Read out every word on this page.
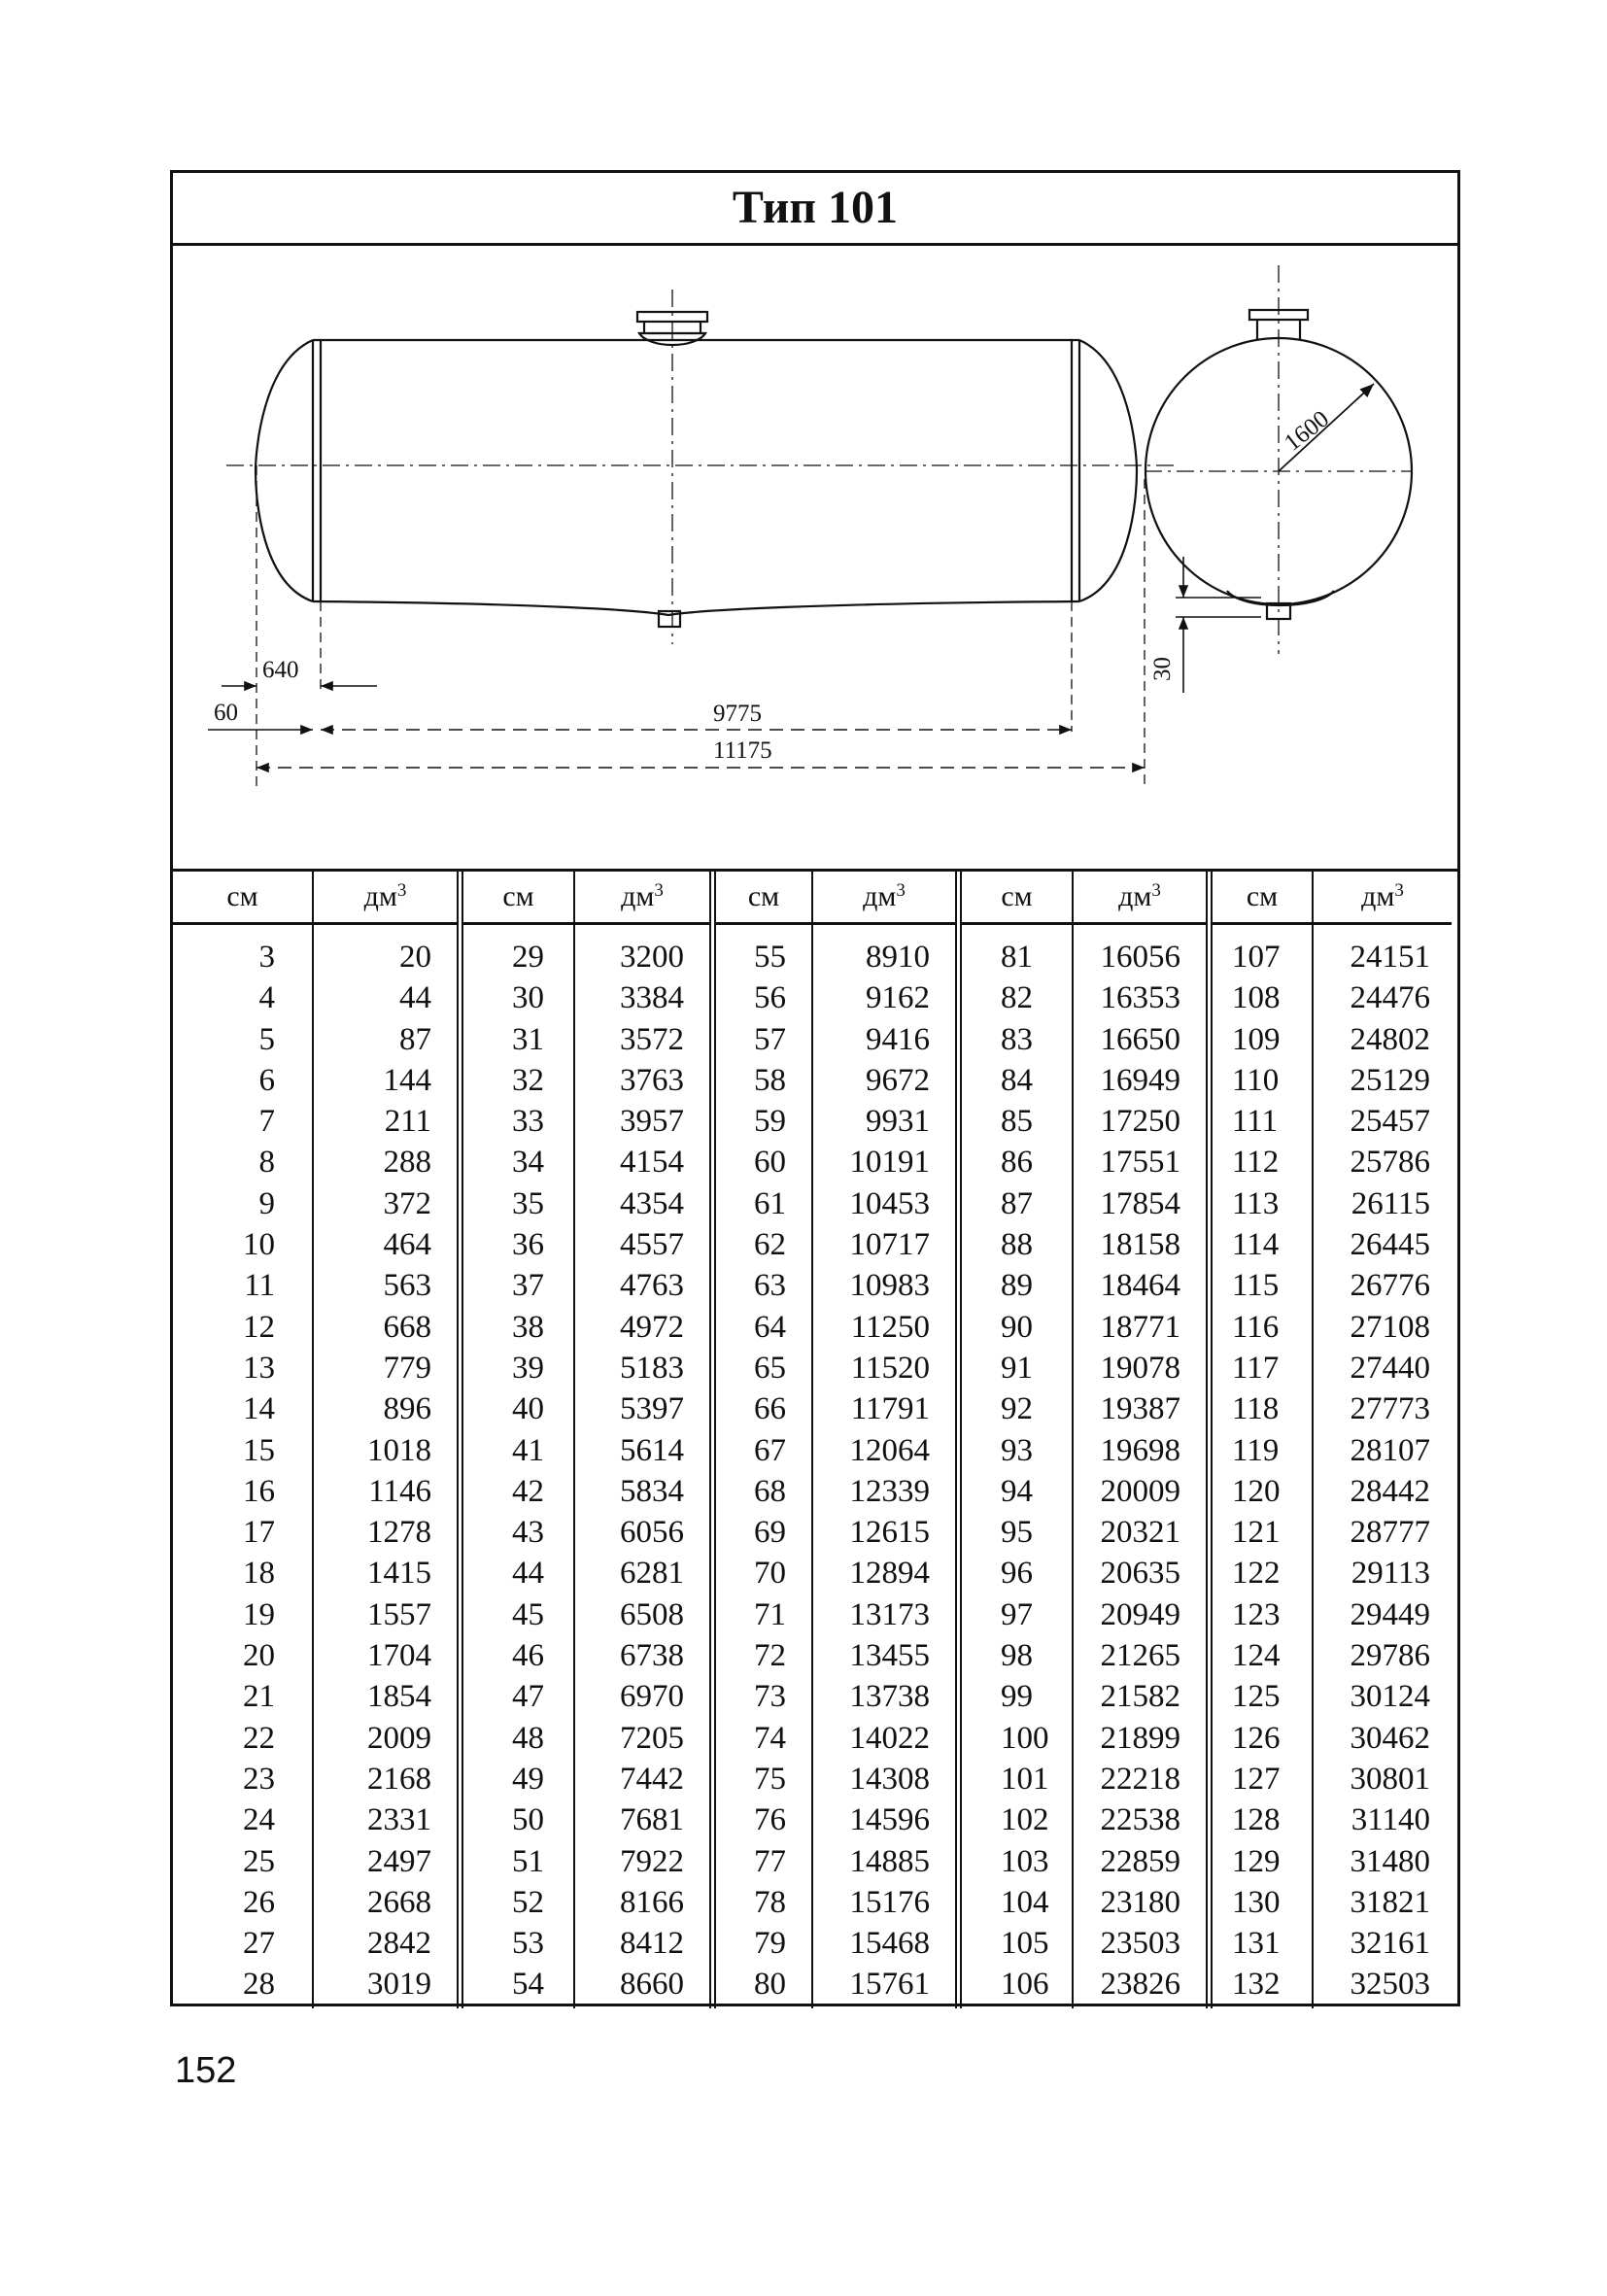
Тип 101
1600
30
640
60	9775
11175
см
3
4
5
6
7
8
9
10
11
12
13
14
15
16
17
18
19
20
21
22
23
24
25
26
27
28
$дм^3$
20
44
87
144
211
288
372
464
563
668
779
896
1018
1146
1278
1415
1557
1704
1854
2009
2168
2331
2497
2668
2842
3019
см
29
30
31
32
33
34
35
36
37
38
39
40
41
42
43
44
45
46
47
48
49
50
51
52
53
54
$дм^3$
3200
3384
3572
3763
3957
4154
4354
4557
4763
4972
5183
5397
5614
5834
6056
6281
6508
6738
6970
7205
7442
7681
7922
8166
8412
8660
см
55
56
57
58
59
60
61
62
63
64
65
66
67
68
69
70
71
72
73
74
75
76
77
78
79
80
$дм^3$
8910
9162
9416
9672
9931
10191
10453
10717
10983
11250
11520
11791
12064
12339
12615
12894
13173
13455
13738
14022
14308
14596
14885
15176
15468
15761
см
81
82
83
84
85
86
87
88
89
90
91
92
93
94
95
96
97
98
99
100
101
102
103
104
105
106
$дм^3$
16056
16353
16650
16949
17250
17551
17854
18158
18464
18771
19078
19387
19698
20009
20321
20635
20949
21265
21582
21899
22218
22538
22859
23180
23503
23826
см
107
108
109
110
111
112
113
114
115
116
117
118
119
120
121
122
123
124
125
126
127
128
129
130
131
132
$дм^3$
24151
24476
24802
25129
25457
25786
26115
26445
26776
27108
27440
27773
28107
28442
28777
29113
29449
29786
30124
30462
30801
31140
31480
31821
32161
32503
152
